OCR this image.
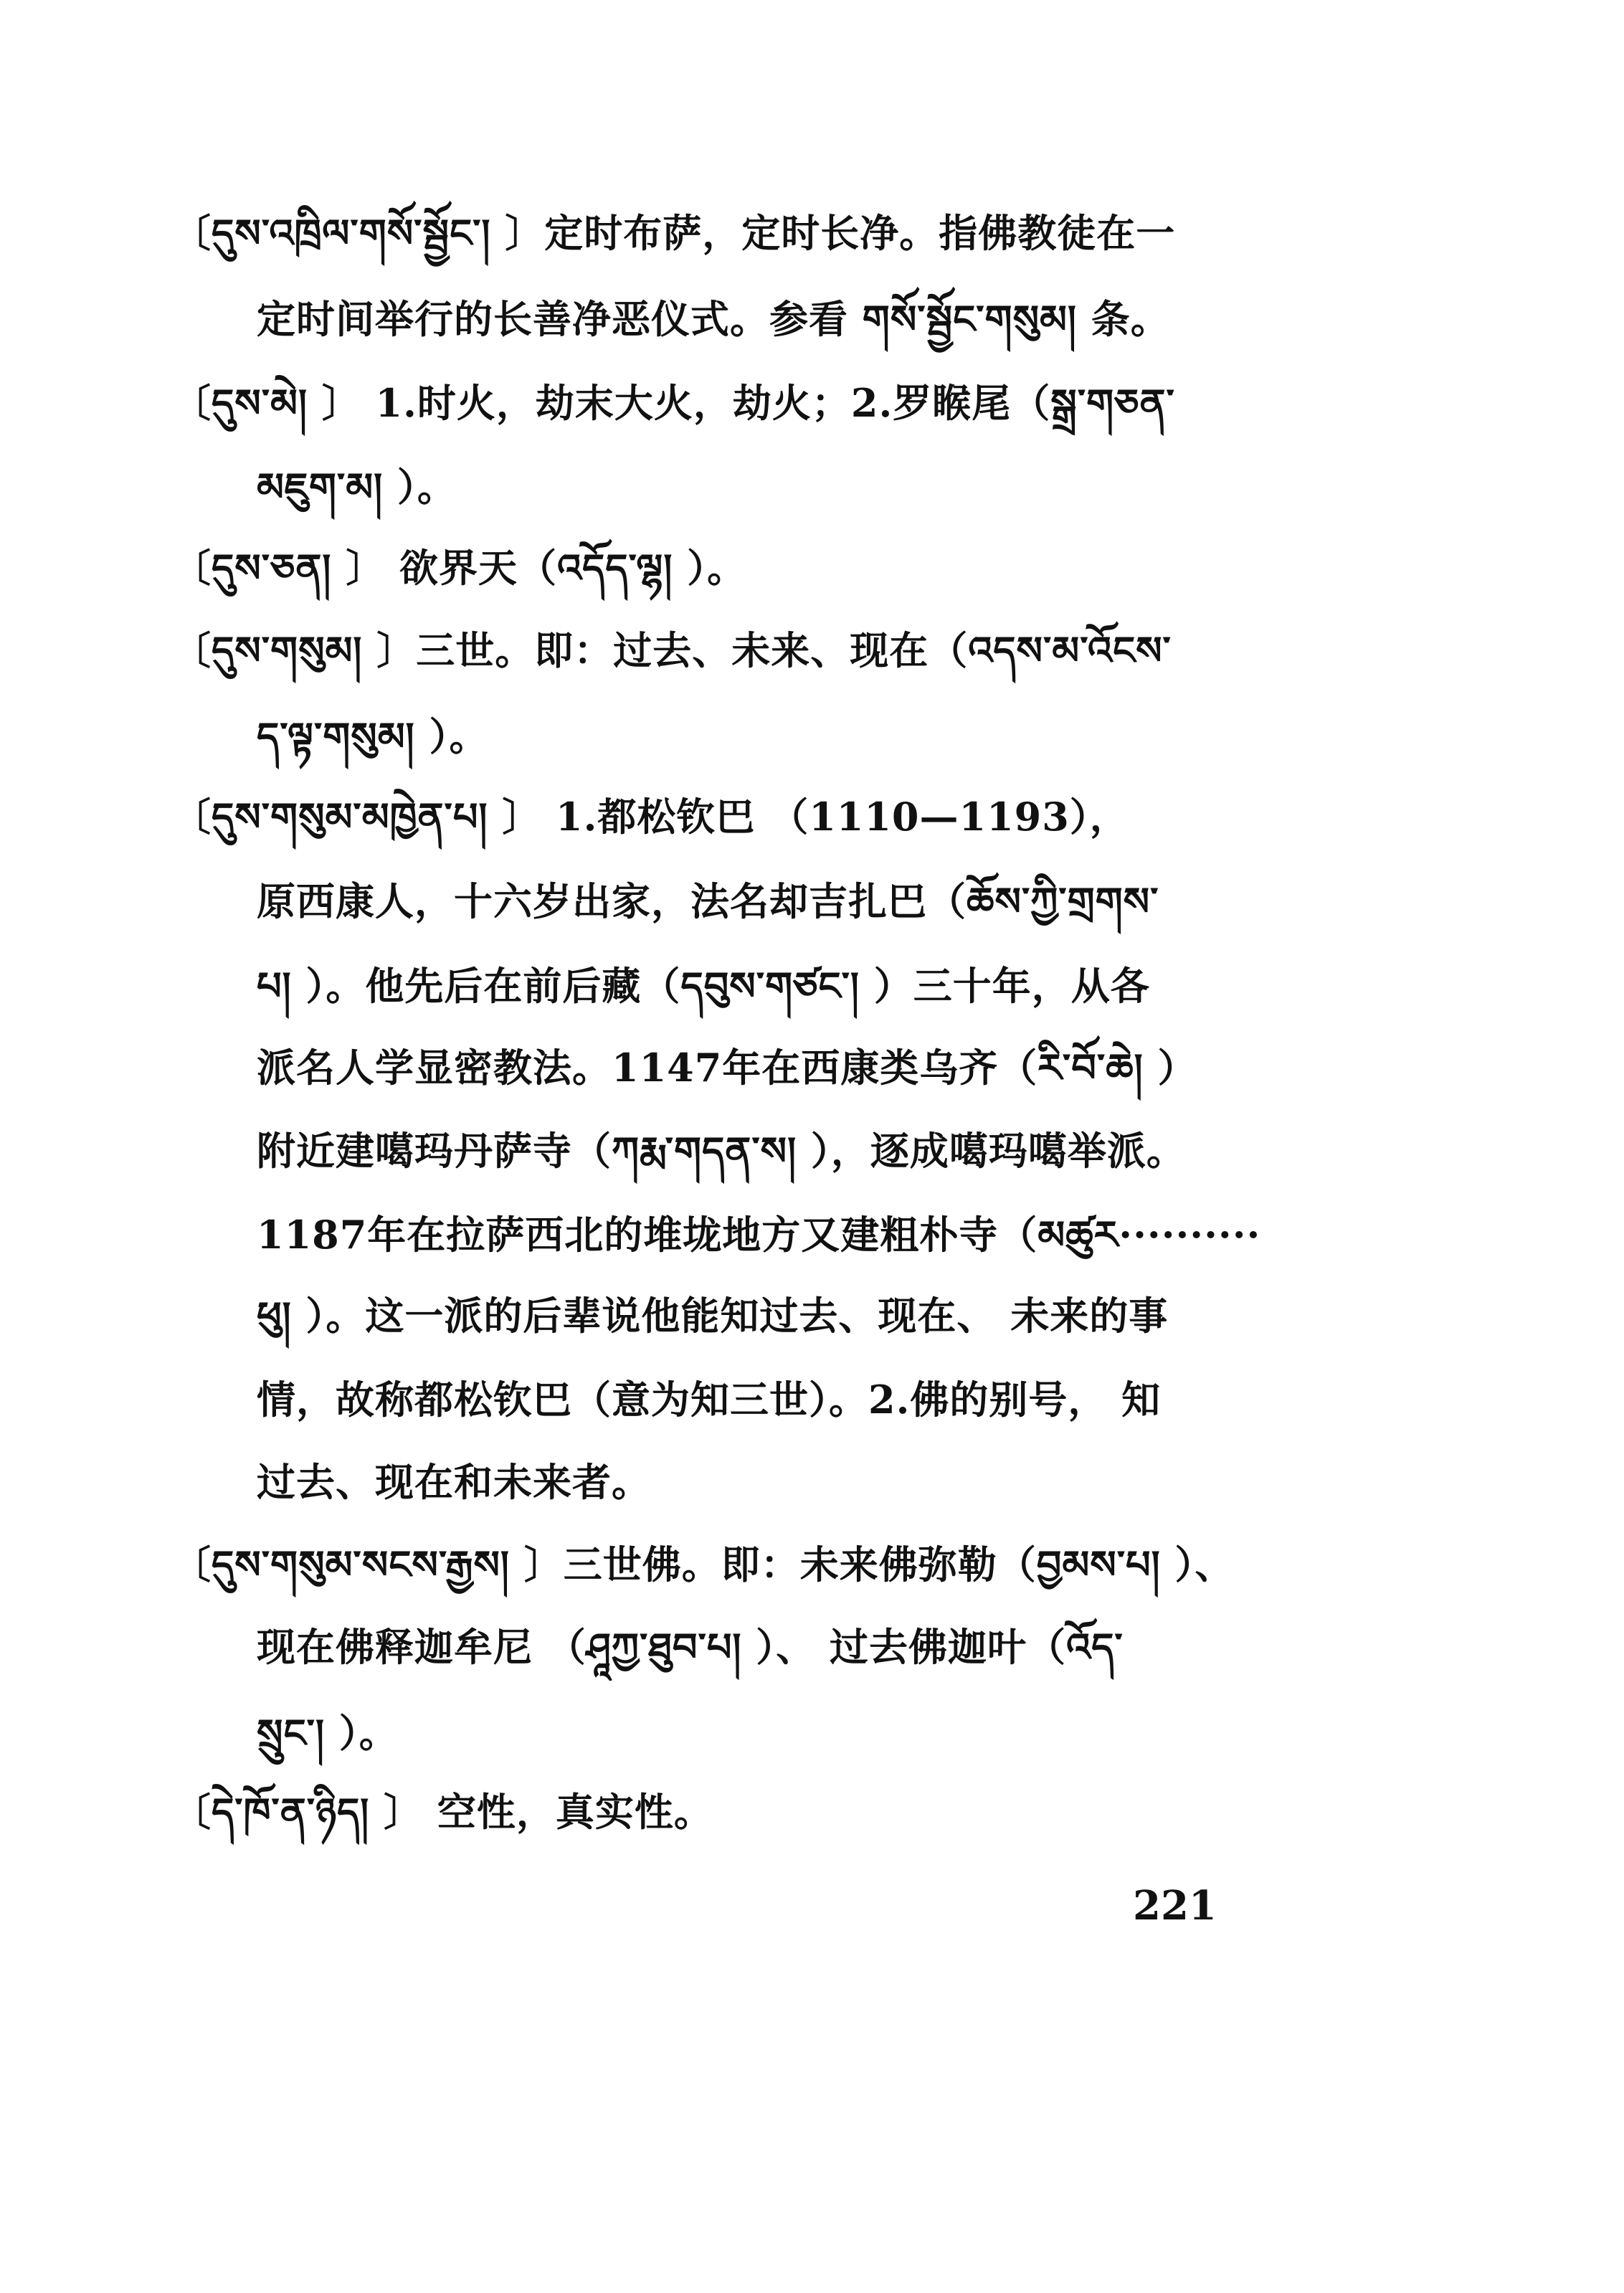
〔དུས་འཁྲིལ་གསོ་སྦྱོང་། 〕定时布萨，定时长净。指佛教徒在一
定时间举行的长善净恶仪式。参看 གསོ་སྦྱོང་གསུམ། 条。
〔དུས་མེ། 〕 1.时火，劫末大火，劫火；2.罗睺尾（སྒྲ་གཅན་
མཇུག་མ། ）。
〔དུས་ཅན། 〕 欲界天（འདོད་ལྷ། ）。
〔དུས་གསུམ། 〕三世。即：过去、未来、现在（འདས་མ་འོངས་
ད་ལྟ་གསུམ། ）。
〔དུས་གསུམ་མཁྱེན་པ། 〕 1.都松钦巴 （1110—1193），
原西康人，十六岁出家，法名却吉扎巴（ཆོས་ཀྱི་གྲགས་
པ། ）。他先后在前后藏（དབུས་གཙང་། ）三十年，从各
派名人学显密教法。1147年在西康类乌齐（རི་བོ་ཆེ། ）
附近建噶玛丹萨寺（ཀརྨ་གདན་ས། ），逐成噶玛噶举派。
1187年在拉萨西北的堆垅地方又建粗朴寺（མཚུར··········
ཕུ། ）。这一派的后辈说他能知过去、现在、 未来的事
情，故称都松钦巴（意为知三世）。2.佛的别号， 知
过去、现在和未来者。
〔དུས་གསུམ་སངས་རྒྱས། 〕三世佛。即：未来佛弥勒（བྱམས་པ། ）、
现在佛释迦牟尼 （ཤཱཀྱ་ཐུབ་པ། ）、 过去佛迦叶（འོད་
སྲུང་། ）。
〔དེ་ཁོ་ན་ཉིད། 〕 空性，真实性。
221
